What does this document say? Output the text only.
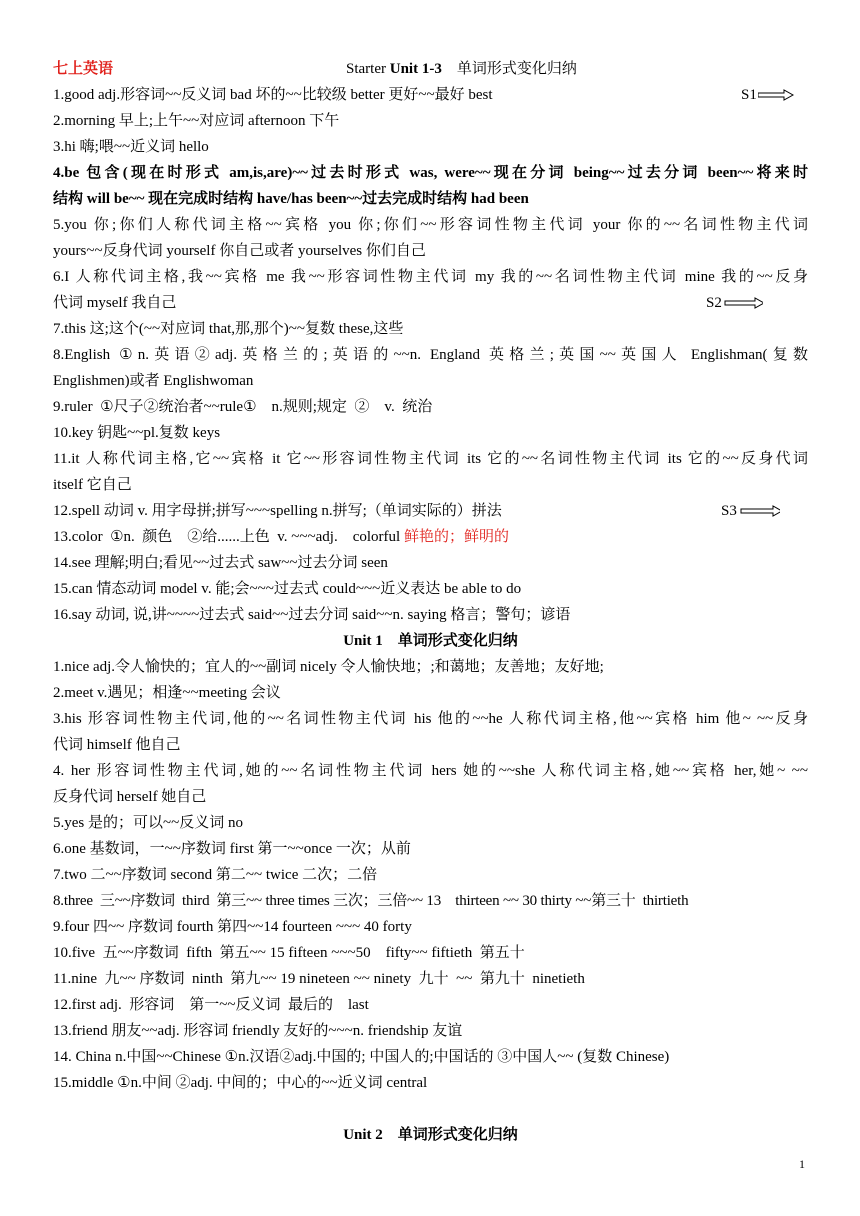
七上英语	Starter Unit 1-3    单词形式变化归纳
1.good adj.形容词~~反义词 bad 坏的~~比较级 better 更好~~最好 best	S1
2.morning 早上;上午~~对应词 afternoon 下午
3.hi 嗨;喂~~近义词 hello
4.be 包含(现在时形式 am,is,are)~~过去时形式 was, were~~现在分词 being~~过去分词 been~~将来时
结构 will be~~ 现在完成时结构 have/has been~~过去完成时结构 had been
5.you 你;你们人称代词主格~~宾格 you 你;你们~~形容词性物主代词 your 你的~~名词性物主代词
yours~~反身代词 yourself 你自己或者 yourselves 你们自己
6.I 人称代词主格,我~~宾格 me 我~~形容词性物主代词 my 我的~~名词性物主代词 mine 我的~~反身
代词 myself 我自己	S2
7.this 这;这个(~~对应词 that,那,那个)~~复数 these,这些
8.English ①n.英语②adj.英格兰的;英语的~~n. England 英格兰;英国~~英国人 Englishman(复数
Englishmen)或者 Englishwoman
9.ruler  ①尺子②统治者~~rule①    n.规则;规定  ②    v.  统治
10.key 钥匙~~pl.复数 keys
11.it 人称代词主格,它~~宾格 it 它~~形容词性物主代词 its 它的~~名词性物主代词 its 它的~~反身代词
itself 它自己
12.spell 动词 v. 用字母拼;拼写~~~spelling n.拼写;（单词实际的）拼法	S3
13.color  ①n.  颜色    ②给......上色  v. ~~~adj.    colorful 鲜艳的；鲜明的
14.see 理解;明白;看见~~过去式 saw~~过去分词 seen
15.can 情态动词 model v. 能;会~~~过去式 could~~~近义表达 be able to do
16.say 动词, 说,讲~~~~过去式 said~~过去分词 said~~n. saying 格言；警句；谚语
Unit 1    单词形式变化归纳
1.nice adj.令人愉快的；宜人的~~副词 nicely 令人愉快地；;和蔼地；友善地；友好地;
2.meet v.遇见；相逢~~meeting 会议
3.his 形容词性物主代词,他的~~名词性物主代词 his 他的~~he 人称代词主格,他~~宾格 him 他~ ~~反身
代词 himself 他自己
4. her 形容词性物主代词,她的~~名词性物主代词 hers 她的~~she 人称代词主格,她~~宾格 her,她~ ~~
反身代词 herself 她自己
5.yes 是的；可以~~反义词 no
6.one 基数词，一~~序数词 first 第一~~once 一次；从前
7.two 二~~序数词 second 第二~~ twice 二次；二倍
8.three  三~~序数词  third  第三~~ three times 三次；三倍~~ 13    thirteen ~~ 30 thirty ~~第三十  thirtieth
9.four 四~~ 序数词 fourth 第四~~14 fourteen ~~~ 40 forty
10.five  五~~序数词  fifth  第五~~ 15 fifteen ~~~50    fifty~~ fiftieth  第五十
11.nine  九~~ 序数词  ninth  第九~~ 19 nineteen ~~ ninety  九十  ~~  第九十  ninetieth
12.first adj.  形容词    第一~~反义词  最后的    last
13.friend 朋友~~adj. 形容词 friendly 友好的~~~n. friendship 友谊
14. China n.中国~~Chinese ①n.汉语②adj.中国的; 中国人的;中国话的 ③中国人~~ (复数 Chinese)
15.middle ①n.中间 ②adj. 中间的；中心的~~近义词 central
Unit 2    单词形式变化归纳
1
